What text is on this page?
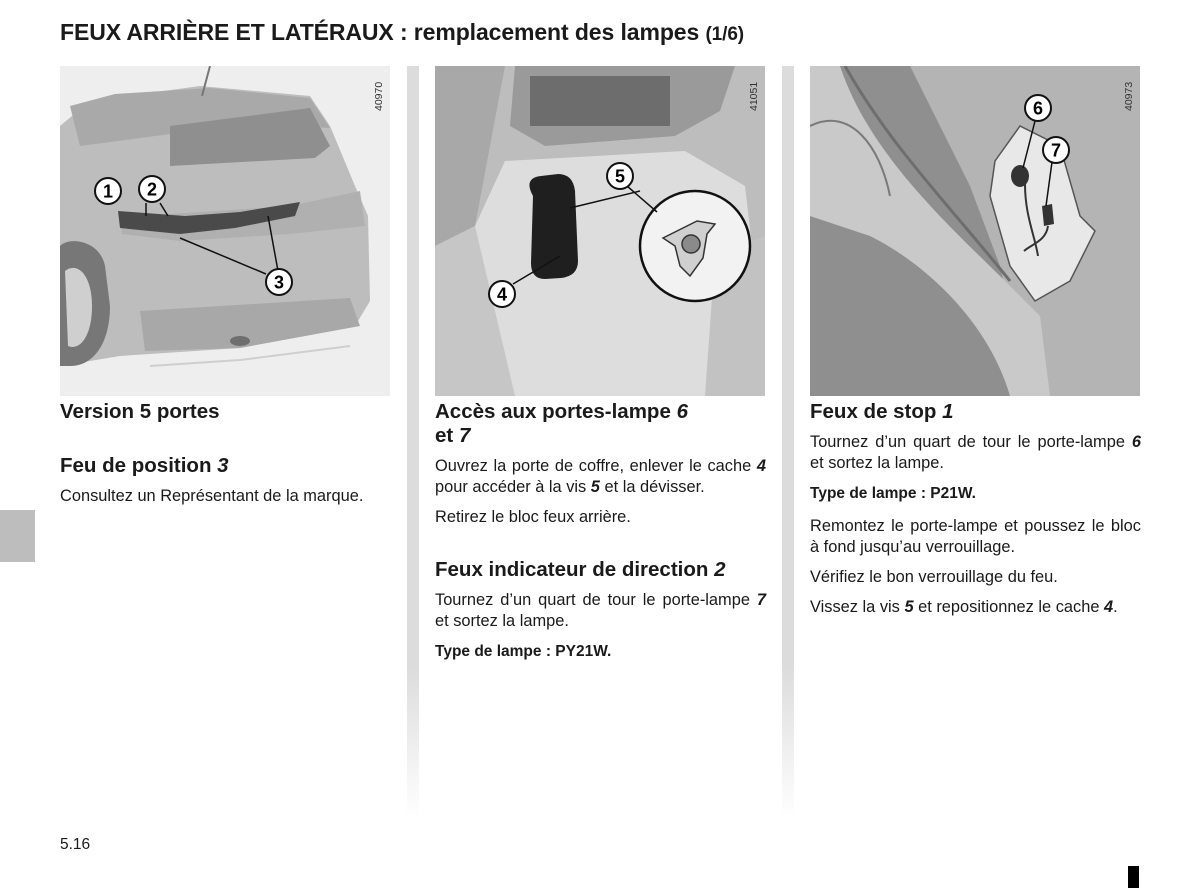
FEUX ARRIÈRE ET LATÉRAUX : remplacement des lampes (1/6)
1 2
3
40970
5
4
41051	6
7
40973
Version 5 portes
Feu de position 3

Consultez un Représentant de la marque.

Accès aux portes-lampe 6
et 7

Ouvrez la porte de coffre, enlever le cache 4 pour accéder à la vis 5 et la dévisser.

Retirez le bloc feux arrière.

Feux indicateur de direction 2

Tournez d’un quart de tour le porte-lampe 7 et sortez la lampe.

Type de lampe : PY21W.

Feux de stop 1

Tournez d’un quart de tour le porte-lampe 6 et sortez la lampe.

Type de lampe : P21W.

Remontez le porte-lampe et poussez le bloc à fond jusqu’au verrouillage.

Vérifiez le bon verrouillage du feu.

Vissez la vis 5 et repositionnez le cache 4.

5.16
